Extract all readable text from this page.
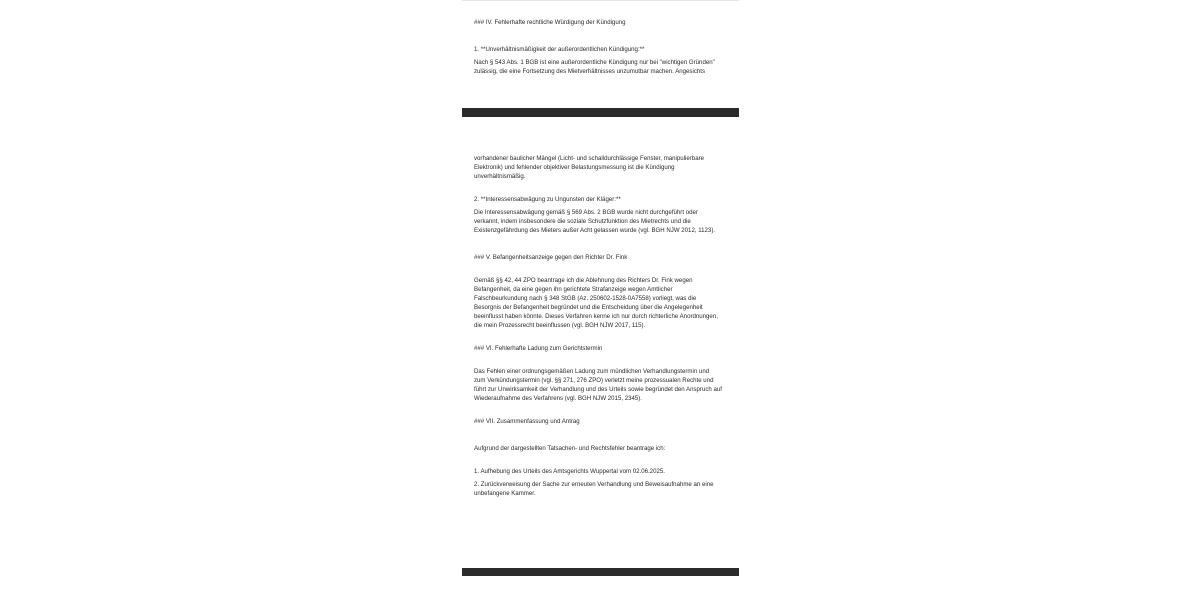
### IV. Fehlerhafte rechtliche Würdigung der Kündigung

1. **Unverhältnismäßigkeit der außerordentlichen Kündigung:**

Nach § 543 Abs. 1 BGB ist eine außerordentliche Kündigung nur bei "wichtigen Gründen" zulässig, die eine Fortsetzung des Mietverhältnisses unzumutbar machen. Angesichts

vorhandener baulicher Mängel (Licht- und schalldurchlässige Fenster, manipulierbare Elektronik) und fehlender objektiver Belastungsmessung ist die Kündigung unverhältnismäßig.

2. **Interessensabwägung zu Ungunsten der Kläger:**

Die Interessensabwägung gemäß § 569 Abs. 2 BGB wurde nicht durchgeführt oder verkannt, indem insbesondere die soziale Schutzfunktion des Mietrechts und die Existenzgefährdung des Mieters außer Acht gelassen wurde (vgl. BGH NJW 2012, 1123).

### V. Befangenheitsanzeige gegen den Richter Dr. Fink

Gemäß §§ 42, 44 ZPO beantrage ich die Ablehnung des Richters Dr. Fink wegen Befangenheit, da eine gegen ihn gerichtete Strafanzeige wegen Amtlicher Falschbeurkundung nach § 348 StGB (Az. 250602-1528-0A7558) vorliegt, was die Besorgnis der Befangenheit begründet und die Entscheidung über die Angelegenheit beeinflusst haben könnte. Dieses Verfahren kenne ich nur durch richterliche Anordnungen, die mein Prozessrecht beeinflussen (vgl. BGH NJW 2017, 115).

### VI. Fehlerhafte Ladung zum Gerichtstermin

Das Fehlen einer ordnungsgemäßen Ladung zum mündlichen Verhandlungstermin und zum Verkündungstermin (vgl. §§ 271, 276 ZPO) verletzt meine prozessualen Rechte und führt zur Unwirksamkeit der Verhandlung und des Urteils sowie begründet den Anspruch auf Wiederaufnahme des Verfahrens (vgl. BGH NJW 2015, 2345).

### VII. Zusammenfassung und Antrag

Aufgrund der dargestellten Tatsachen- und Rechtsfehler beantrage ich:

1. Aufhebung des Urteils des Amtsgerichts Wuppertal vom 02.06.2025.

2. Zurückverweisung der Sache zur erneuten Verhandlung und Beweisaufnahme an eine unbefangene Kammer.
